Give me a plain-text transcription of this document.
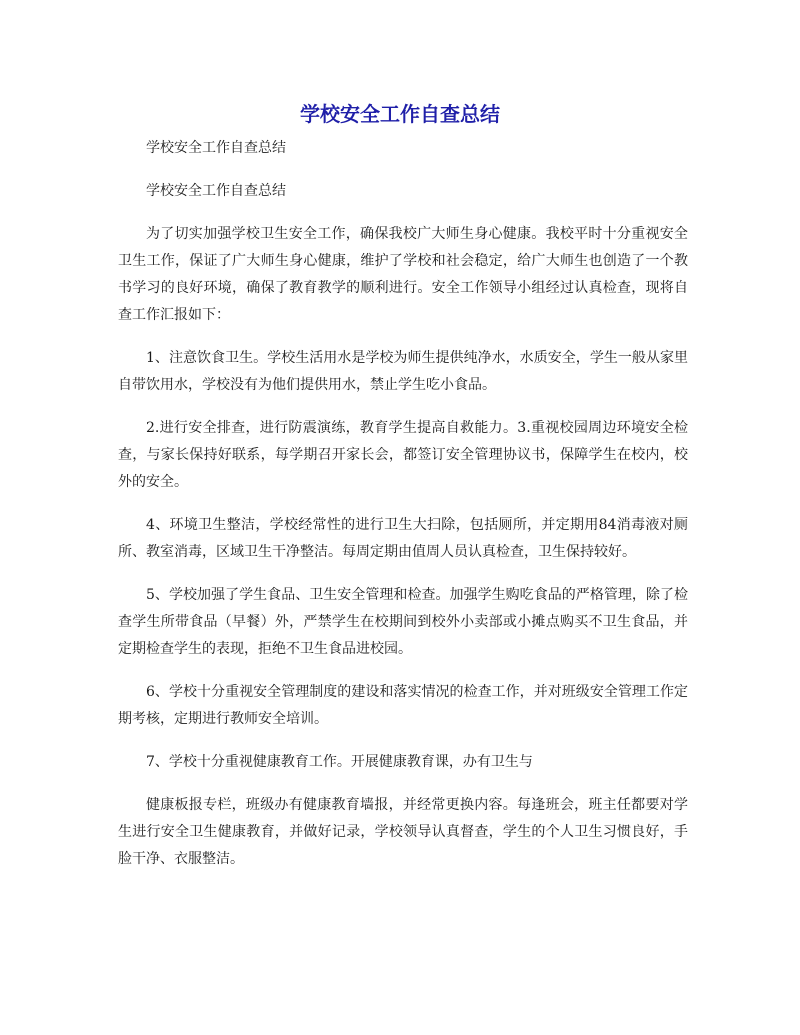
学校安全工作自查总结

学校安全工作自查总结

学校安全工作自查总结

为了切实加强学校卫生安全工作，确保我校广大师生身心健康。我校平时十分重视安全卫生工作，保证了广大师生身心健康，维护了学校和社会稳定，给广大师生也创造了一个教书学习的良好环境，确保了教育教学的顺利进行。安全工作领导小组经过认真检查，现将自查工作汇报如下：

1、注意饮食卫生。学校生活用水是学校为师生提供纯净水，水质安全，学生一般从家里自带饮用水，学校没有为他们提供用水，禁止学生吃小食品。

2.进行安全排查，进行防震演练，教育学生提高自救能力。3.重视校园周边环境安全检查，与家长保持好联系，每学期召开家长会，都签订安全管理协议书，保障学生在校内，校外的安全。

4、环境卫生整洁，学校经常性的进行卫生大扫除，包括厕所，并定期用84消毒液对厕所、教室消毒，区域卫生干净整洁。每周定期由值周人员认真检查，卫生保持较好。

5、学校加强了学生食品、卫生安全管理和检查。加强学生购吃食品的严格管理，除了检查学生所带食品（早餐）外，严禁学生在校期间到校外小卖部或小摊点购买不卫生食品，并定期检查学生的表现，拒绝不卫生食品进校园。

6、学校十分重视安全管理制度的建设和落实情况的检查工作，并对班级安全管理工作定期考核，定期进行教师安全培训。

7、学校十分重视健康教育工作。开展健康教育课，办有卫生与

健康板报专栏，班级办有健康教育墙报，并经常更换内容。每逢班会，班主任都要对学生进行安全卫生健康教育，并做好记录，学校领导认真督查，学生的个人卫生习惯良好，手脸干净、衣服整洁。
